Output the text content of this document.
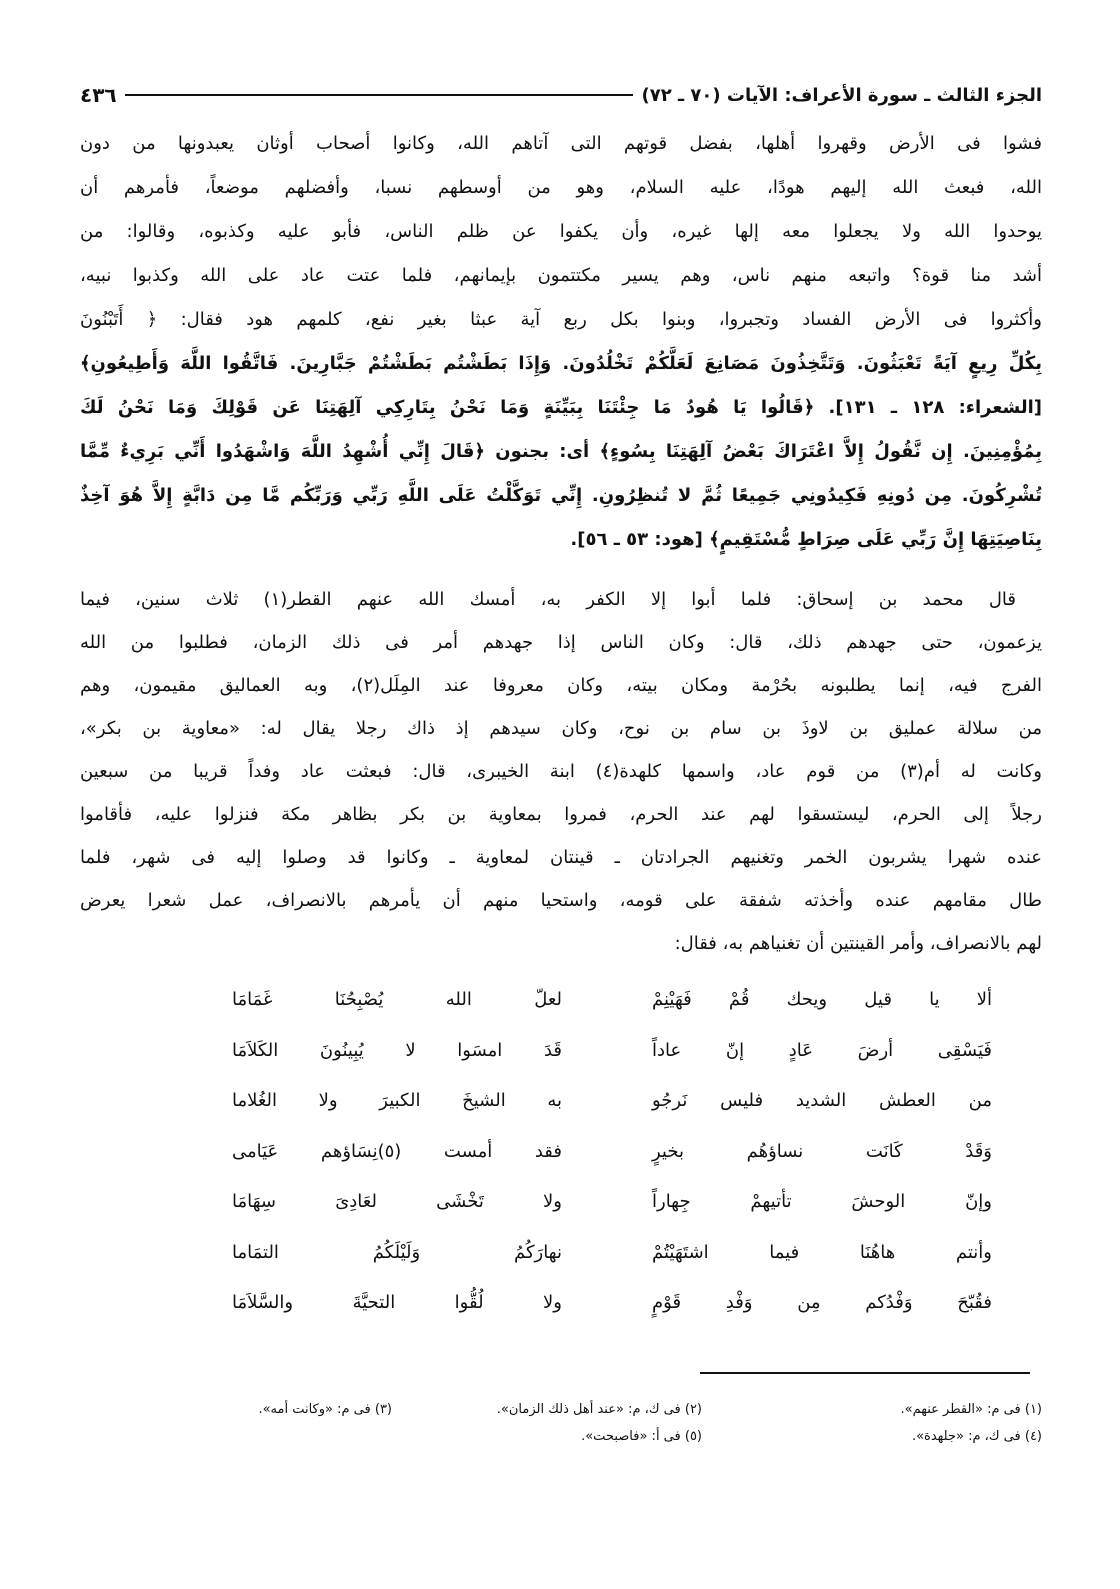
الجزء الثالث ـ سورة الأعراف: الآيات (٧٠ ـ ٧٢)
٤٣٦
فشوا فى الأرض وقهروا أهلها، بفضل قوتهم التى آتاهم الله، وكانوا أصحاب أوثان يعبدونها من دون
الله، فبعث الله إليهم هودًا، عليه السلام، وهو من أوسطهم نسبا، وأفضلهم موضعاً، فأمرهم أن
يوحدوا الله ولا يجعلوا معه إلها غيره، وأن يكفوا عن ظلم الناس، فأبو عليه وكذبوه، وقالوا: من
أشد منا قوة؟ واتبعه منهم ناس، وهم يسير مكتتمون بإيمانهم، فلما عتت عاد على الله وكذبوا نبيه،
وأكثروا فى الأرض الفساد وتجبروا، وبنوا بكل ربع آية عبثا بغير نفع، كلمهم هود فقال: ﴿ أَتَبْنُونَ
بِكُلِّ رِيعٍ آيَةً تَعْبَثُونَ. وَتَتَّخِذُونَ مَصَانِعَ لَعَلَّكُمْ تَخْلُدُونَ. وَإِذَا بَطَشْتُم بَطَشْتُمْ جَبَّارِينَ. فَاتَّقُوا اللَّهَ وَأَطِيعُونِ﴾
[الشعراء: ١٢٨ ـ ١٣١]. ﴿قَالُوا يَا هُودُ مَا جِئْتَنَا بِبَيِّنَةٍ وَمَا نَحْنُ بِتَارِكِي آلِهَتِنَا عَن قَوْلِكَ وَمَا نَحْنُ لَكَ
بِمُؤْمِنِينَ. إِن نَّقُولُ إِلاَّ اعْتَرَاكَ بَعْضُ آلِهَتِنَا بِسُوءٍ﴾ أى: بجنون ﴿قَالَ إِنِّي أُشْهِدُ اللَّهَ وَاشْهَدُوا أَنِّي بَرِيءٌ مِّمَّا
تُشْرِكُونَ. مِن دُونِهِ فَكِيدُونِي جَمِيعًا ثُمَّ لا تُنظِرُونِ. إِنِّي تَوَكَّلْتُ عَلَى اللَّهِ رَبِّي وَرَبِّكُم مَّا مِن دَابَّةٍ إِلاَّ هُوَ آخِذٌ
بِنَاصِيَتِهَا إِنَّ رَبِّي عَلَى صِرَاطٍ مُّسْتَقِيمٍ﴾ [هود: ٥٣ ـ ٥٦].
قال محمد بن إسحاق: فلما أبوا إلا الكفر به، أمسك الله عنهم القطر(١) ثلاث سنين، فيما
يزعمون، حتى جهدهم ذلك، قال: وكان الناس إذا جهدهم أمر فى ذلك الزمان، فطلبوا من الله
الفرج فيه، إنما يطلبونه بحُرْمة ومكان بيته، وكان معروفا عند المِلَل(٢)، وبه العماليق مقيمون، وهم
من سلالة عمليق بن لاوذَ بن سام بن نوح، وكان سيدهم إذ ذاك رجلا يقال له: «معاوية بن بكر»،
وكانت له أم(٣) من قوم عاد، واسمها كلهدة(٤) ابنة الخيبرى، قال: فبعثت عاد وفداً قريبا من سبعين
رجلاً إلى الحرم، ليستسقوا لهم عند الحرم، فمروا بمعاوية بن بكر بظاهر مكة فنزلوا عليه، فأقاموا
عنده شهرا يشربون الخمر وتغنيهم الجرادتان ـ قينتان لمعاوية ـ وكانوا قد وصلوا إليه فى شهر، فلما
طال مقامهم عنده وأخذته شفقة على قومه، واستحيا منهم أن يأمرهم بالانصراف، عمل شعرا يعرض
لهم بالانصراف، وأمر القينتين أن تغنياهم به، فقال:
ألا يا قيل ويحك قُمْ فَهَيْنِمْ
لعلّ الله يُصْبِحُنَا غَمَامَا
فَيَسْقِى أرضَ عَادٍ إنّ عاداً
قَدَ امسَوا لا يُبِينُونَ الكَلاَمَا
من العطش الشديد فليس نَرجُو
به الشيخَ الكبيرَ ولا الغُلاما
وَقَدْ كَانَت نساؤهُم بخيرٍ
فقد أمست (٥)نِسَاؤهم عَيَامى
وإنّ الوحشَ تأتيهمْ جِهاراً
ولا تَخْشَى لعَادِىَ سِهَامَا
وأنتم هاهُنَا فيما اشتَهَيْتُمْ
نهارَكُمُ وَلَيْلَكُمُ التمَاما
فقُبّحَ وَفْدُكم مِن وَفْدِ قَوْمٍ
ولا لُقُّوا التحيَّةَ والسَّلاَمَا
(١) فى م: «القطر عنهم».
(٢) فى ك، م: «عند أهل ذلك الزمان».
(٣) فى م: «وكانت أمه».
(٤) فى ك، م: «جلهدة».
(٥) فى أ: «فاصبحت».
